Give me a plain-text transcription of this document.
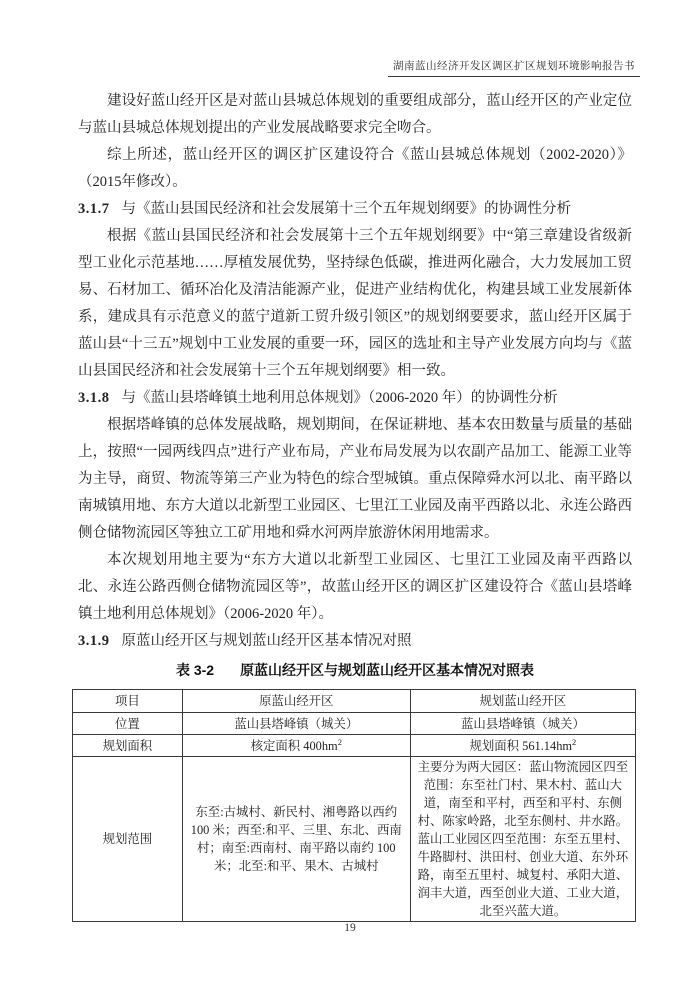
湖南蓝山经济开发区调区扩区规划环境影响报告书

建设好蓝山经开区是对蓝山县城总体规划的重要组成部分，蓝山经开区的产业定位与蓝山县城总体规划提出的产业发展战略要求完全吻合。

综上所述，蓝山经开区的调区扩区建设符合《蓝山县城总体规划（2002-2020）》（2015年修改）。

3.1.7 与《蓝山县国民经济和社会发展第十三个五年规划纲要》的协调性分析

根据《蓝山县国民经济和社会发展第十三个五年规划纲要》中“第三章建设省级新型工业化示范基地……厚植发展优势，坚持绿色低碳，推进两化融合，大力发展加工贸易、石材加工、循环冶化及清洁能源产业，促进产业结构优化，构建县域工业发展新体系，建成具有示范意义的蓝宁道新工贸升级引领区”的规划纲要要求，蓝山经开区属于蓝山县“十三五”规划中工业发展的重要一环，园区的选址和主导产业发展方向均与《蓝山县国民经济和社会发展第十三个五年规划纲要》相一致。

3.1.8 与《蓝山县塔峰镇土地利用总体规划》（2006-2020 年）的协调性分析

根据塔峰镇的总体发展战略，规划期间，在保证耕地、基本农田数量与质量的基础上，按照“一园两线四点”进行产业布局，产业布局发展为以农副产品加工、能源工业等为主导，商贸、物流等第三产业为特色的综合型城镇。重点保障舜水河以北、南平路以南城镇用地、东方大道以北新型工业园区、七里江工业园及南平西路以北、永连公路西侧仓储物流园区等独立工矿用地和舜水河两岸旅游休闲用地需求。

本次规划用地主要为“东方大道以北新型工业园区、七里江工业园及南平西路以北、永连公路西侧仓储物流园区等”，故蓝山经开区的调区扩区建设符合《蓝山县塔峰镇土地利用总体规划》（2006-2020 年）。

3.1.9 原蓝山经开区与规划蓝山经开区基本情况对照

表 3-2 原蓝山经开区与规划蓝山经开区基本情况对照表

项目	原蓝山经开区	规划蓝山经开区
位置	蓝山县塔峰镇（城关）	蓝山县塔峰镇（城关）
规划面积	核定面积 $400hm^2$	规划面积 $561.14hm^2$
规划范围	东至:古城村、新民村、湘粤路以西约 100 米；西至:和平、三里、东北、西南村；南至:西南村、南平路以南约 100 米；北至:和平、果木、古城村	主要分为两大园区：蓝山物流园区四至范围：东至社门村、果木村、蓝山大道，南至和平村，西至和平村、东侧村、陈家岭路，北至东侧村、井水路。蓝山工业园区四至范围：东至五里村、牛路脚村、洪田村、创业大道、东外环路，南至五里村、城复村、承阳大道、润丰大道，西至创业大道、工业大道，北至兴蓝大道。
19
